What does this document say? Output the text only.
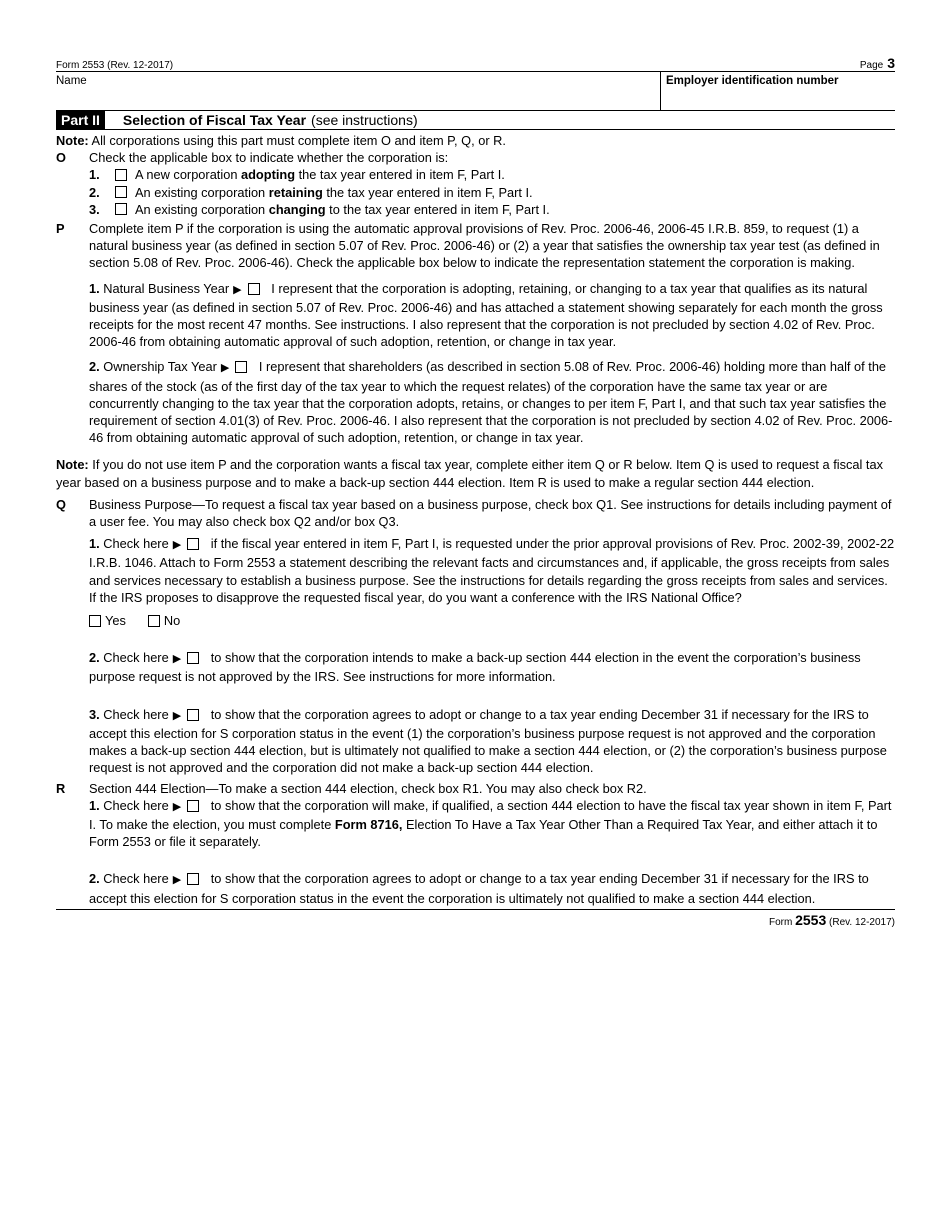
Form 2553 (Rev. 12-2017)	Page 3
Name	Employer identification number
Part II	Selection of Fiscal Tax Year (see instructions)
Note: All corporations using this part must complete item O and item P, Q, or R.
O	Check the applicable box to indicate whether the corporation is:
1.	A new corporation adopting the tax year entered in item F, Part I.
2.	An existing corporation retaining the tax year entered in item F, Part I.
3.	An existing corporation changing to the tax year entered in item F, Part I.
P	Complete item P if the corporation is using the automatic approval provisions of Rev. Proc. 2006-46, 2006-45 I.R.B. 859, to request (1) a natural business year (as defined in section 5.07 of Rev. Proc. 2006-46) or (2) a year that satisfies the ownership tax year test (as defined in section 5.08 of Rev. Proc. 2006-46). Check the applicable box below to indicate the representation statement the corporation is making.
1. Natural Business Year ▶ I represent that the corporation is adopting, retaining, or changing to a tax year that qualifies as its natural business year (as defined in section 5.07 of Rev. Proc. 2006-46) and has attached a statement showing separately for each month the gross receipts for the most recent 47 months. See instructions. I also represent that the corporation is not precluded by section 4.02 of Rev. Proc. 2006-46 from obtaining automatic approval of such adoption, retention, or change in tax year.
2. Ownership Tax Year ▶ I represent that shareholders (as described in section 5.08 of Rev. Proc. 2006-46) holding more than half of the shares of the stock (as of the first day of the tax year to which the request relates) of the corporation have the same tax year or are concurrently changing to the tax year that the corporation adopts, retains, or changes to per item F, Part I, and that such tax year satisfies the requirement of section 4.01(3) of Rev. Proc. 2006-46. I also represent that the corporation is not precluded by section 4.02 of Rev. Proc. 2006-46 from obtaining automatic approval of such adoption, retention, or change in tax year.
Note: If you do not use item P and the corporation wants a fiscal tax year, complete either item Q or R below. Item Q is used to request a fiscal tax year based on a business purpose and to make a back-up section 444 election. Item R is used to make a regular section 444 election.
Q	Business Purpose—To request a fiscal tax year based on a business purpose, check box Q1. See instructions for details including payment of a user fee. You may also check box Q2 and/or box Q3.
1. Check here ▶ if the fiscal year entered in item F, Part I, is requested under the prior approval provisions of Rev. Proc. 2002-39, 2002-22 I.R.B. 1046. Attach to Form 2553 a statement describing the relevant facts and circumstances and, if applicable, the gross receipts from sales and services necessary to establish a business purpose. See the instructions for details regarding the gross receipts from sales and services. If the IRS proposes to disapprove the requested fiscal year, do you want a conference with the IRS National Office?
Yes	No
2. Check here ▶ to show that the corporation intends to make a back-up section 444 election in the event the corporation’s business purpose request is not approved by the IRS. See instructions for more information.
3. Check here ▶ to show that the corporation agrees to adopt or change to a tax year ending December 31 if necessary for the IRS to accept this election for S corporation status in the event (1) the corporation’s business purpose request is not approved and the corporation makes a back-up section 444 election, but is ultimately not qualified to make a section 444 election, or (2) the corporation’s business purpose request is not approved and the corporation did not make a back-up section 444 election.
R	Section 444 Election—To make a section 444 election, check box R1. You may also check box R2.
1. Check here ▶ to show that the corporation will make, if qualified, a section 444 election to have the fiscal tax year shown in item F, Part I. To make the election, you must complete Form 8716, Election To Have a Tax Year Other Than a Required Tax Year, and either attach it to Form 2553 or file it separately.
2. Check here ▶ to show that the corporation agrees to adopt or change to a tax year ending December 31 if necessary for the IRS to accept this election for S corporation status in the event the corporation is ultimately not qualified to make a section 444 election.
Form 2553 (Rev. 12-2017)
